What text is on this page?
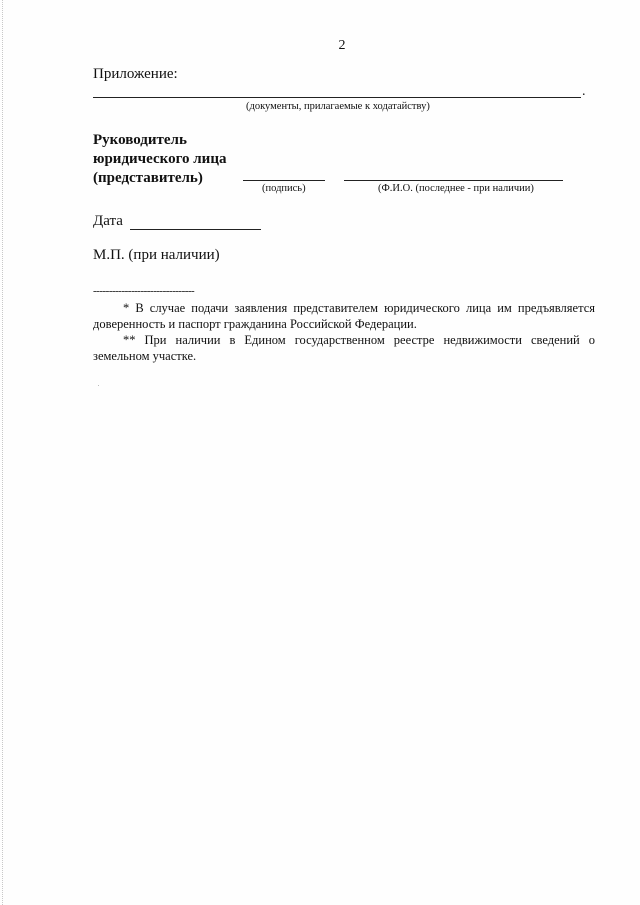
2
Приложение:
.
(документы, прилагаемые к ходатайству)
Руководитель
юридического лица
(представитель)
(подпись)	(Ф.И.О. (последнее - при наличии)
Дата
М.П. (при наличии)
--------------------------------
* В случае подачи заявления представителем юридического лица им предъявляется доверенность и паспорт гражданина Российской Федерации.
** При наличии в Едином государственном реестре недвижимости сведений о земельном участке.
